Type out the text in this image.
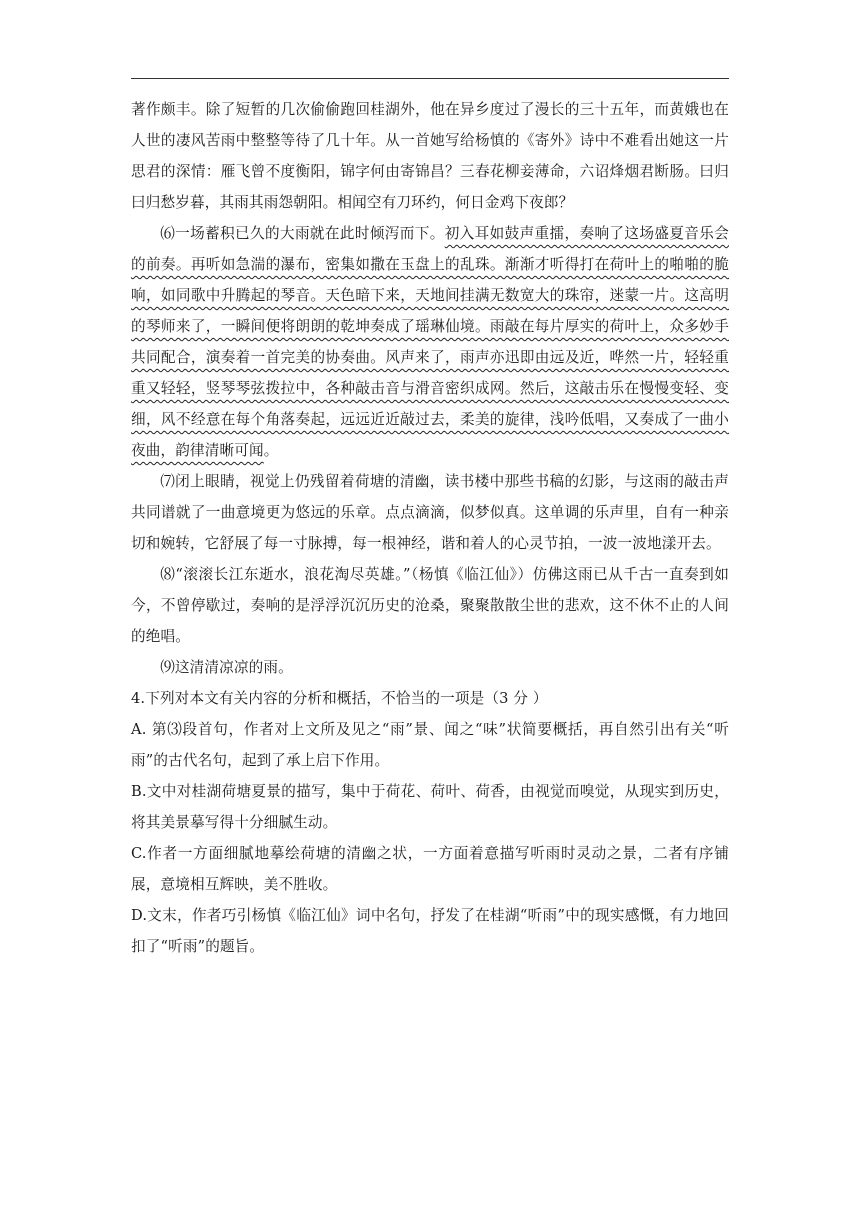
著作颇丰。除了短暂的几次偷偷跑回桂湖外，他在异乡度过了漫长的三十五年，而黄娥也在人世的凄风苦雨中整整等待了几十年。从一首她写给杨慎的《寄外》诗中不难看出她这一片思君的深情：雁飞曾不度衡阳，锦字何由寄锦昌？三春花柳妾薄命，六诏烽烟君断肠。曰归曰归愁岁暮，其雨其雨怨朝阳。相闻空有刀环约，何日金鸡下夜郎？

⑹一场蓄积已久的大雨就在此时倾泻而下。初入耳如鼓声重擂，奏响了这场盛夏音乐会的前奏。再听如急湍的瀑布，密集如撒在玉盘上的乱珠。渐渐才听得打在荷叶上的啪啪的脆响，如同歌中升腾起的琴音。天色暗下来，天地间挂满无数宽大的珠帘，迷蒙一片。这高明的琴师来了，一瞬间便将朗朗的乾坤奏成了瑶琳仙境。雨敲在每片厚实的荷叶上，众多妙手共同配合，演奏着一首完美的协奏曲。风声来了，雨声亦迅即由远及近，哗然一片，轻轻重重又轻轻，竖琴琴弦拨拉中，各种敲击音与滑音密织成网。然后，这敲击乐在慢慢变轻、变细，风不经意在每个角落奏起，远远近近敲过去，柔美的旋律，浅吟低唱，又奏成了一曲小夜曲，韵律清晰可闻。

⑺闭上眼睛，视觉上仍残留着荷塘的清幽，读书楼中那些书稿的幻影，与这雨的敲击声共同谱就了一曲意境更为悠远的乐章。点点滴滴，似梦似真。这单调的乐声里，自有一种亲切和婉转，它舒展了每一寸脉搏，每一根神经，谐和着人的心灵节拍，一波一波地漾开去。

⑻“滚滚长江东逝水，浪花淘尽英雄。”（杨慎《临江仙》）仿佛这雨已从千古一直奏到如今，不曾停歇过，奏响的是浮浮沉沉历史的沧桑，聚聚散散尘世的悲欢，这不休不止的人间的绝唱。

⑼这清清凉凉的雨。

4.下列对本文有关内容的分析和概括，不恰当的一项是（3 分 ）

A. 第⑶段首句，作者对上文所及见之“雨”景、闻之“味”状简要概括，再自然引出有关“听雨”的古代名句，起到了承上启下作用。

B.文中对桂湖荷塘夏景的描写，集中于荷花、荷叶、荷香，由视觉而嗅觉，从现实到历史，将其美景摹写得十分细腻生动。

C.作者一方面细腻地摹绘荷塘的清幽之状，一方面着意描写听雨时灵动之景，二者有序铺展，意境相互辉映，美不胜收。

D.文末，作者巧引杨慎《临江仙》词中名句，抒发了在桂湖“听雨”中的现实感慨，有力地回扣了“听雨”的题旨。
